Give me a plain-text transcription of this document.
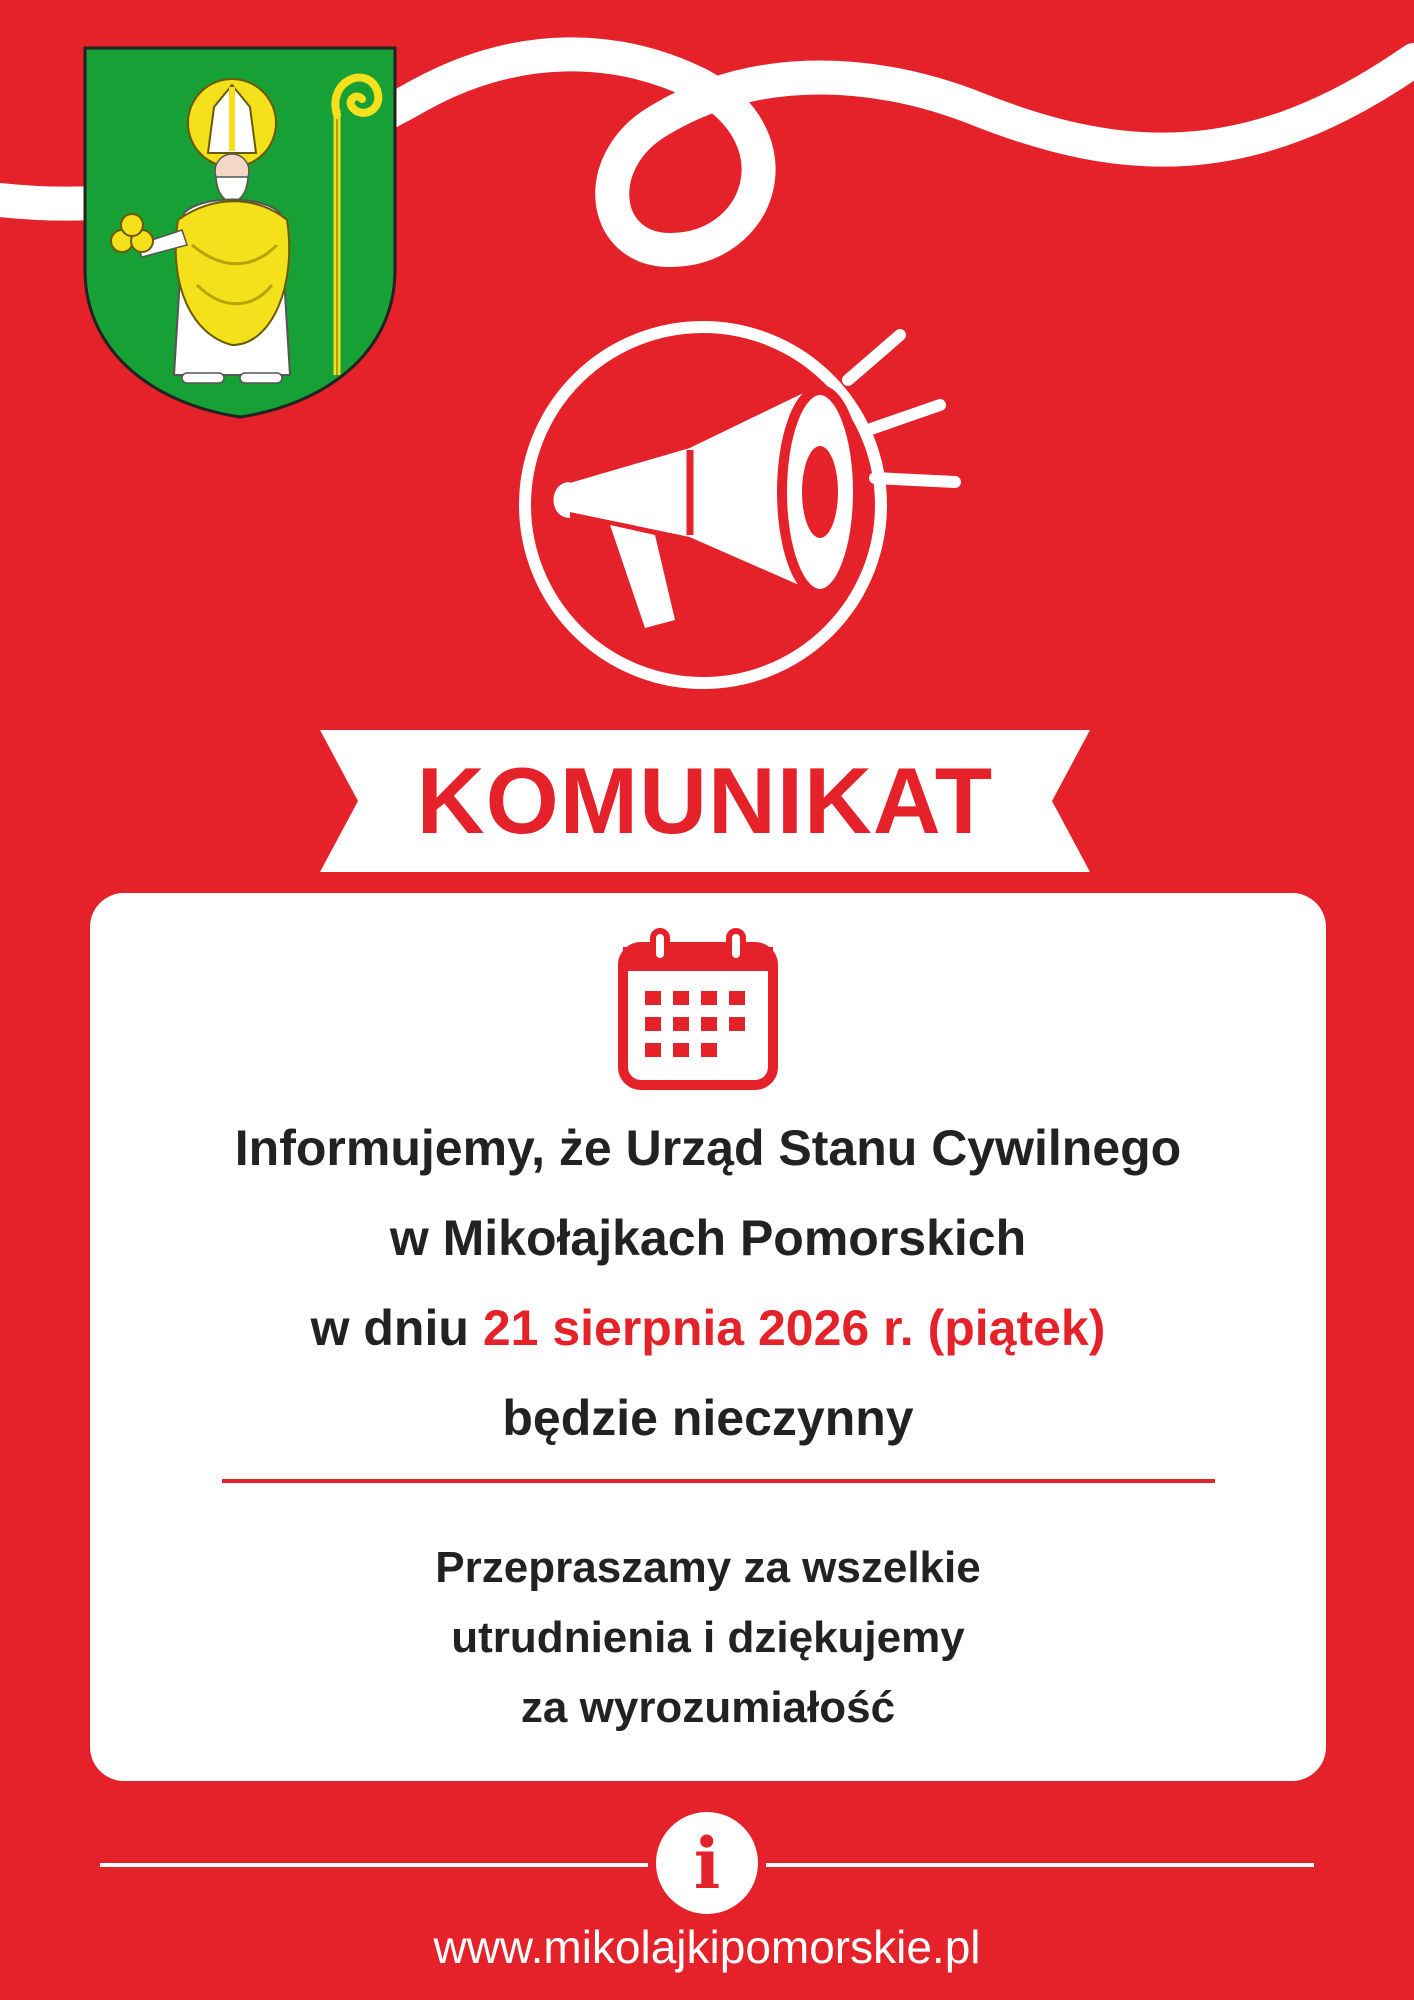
KOMUNIKAT
Informujemy, że Urząd Stanu Cywilnego
w Mikołajkach Pomorskich
w dniu 21 sierpnia 2026 r. (piątek)
będzie nieczynny
Przepraszamy za wszelkie
utrudnienia i dziękujemy
za wyrozumiałość
i
www.mikolajkipomorskie.pl
